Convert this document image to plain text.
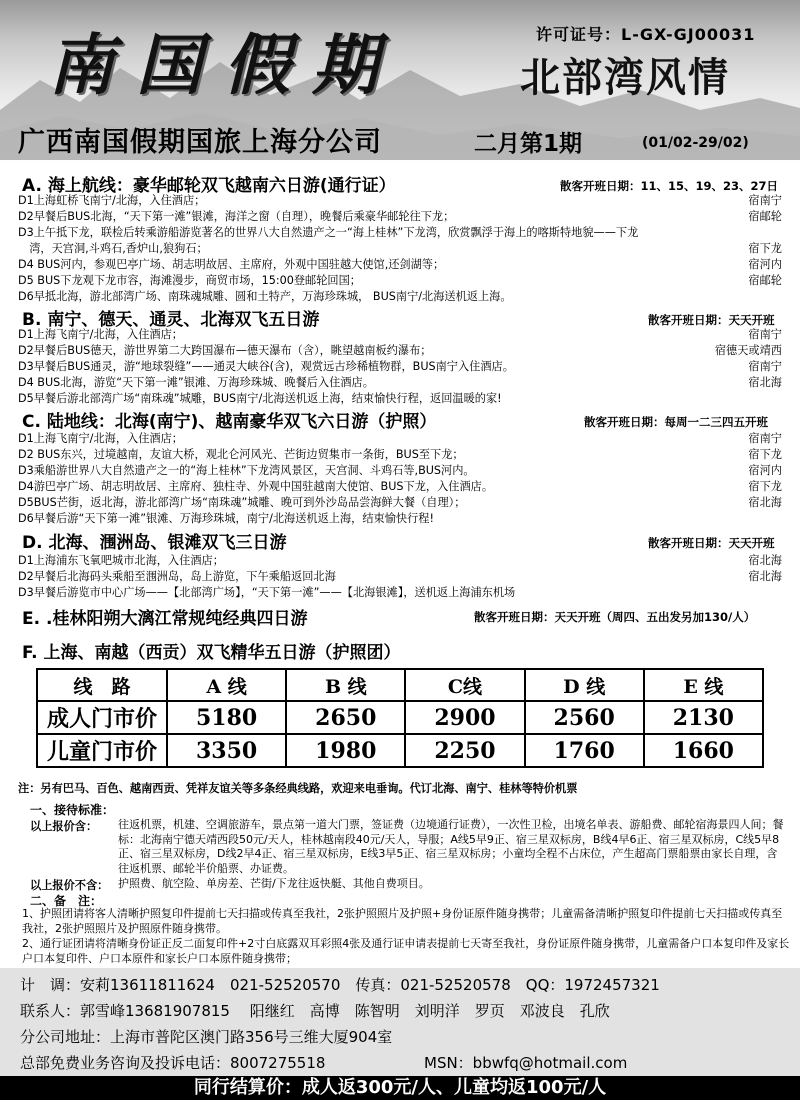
南国假期	许可证号：L-GX-GJ00031
北部湾风情
广西南国假期国旅上海分公司	二月第1期	(01/02-29/02)
A. 海上航线：豪华邮轮双飞越南六日游(通行证）	散客开班日期：11、15、19、23、27日
D1上海虹桥飞南宁/北海，入住酒店；	宿南宁
D2早餐后BUS北海，“天下第一滩”银滩，海洋之窗（自理），晚餐后乘豪华邮轮往下龙；	宿邮轮
D3上午抵下龙，联检后转乘游船游览著名的世界八大自然遗产之一“海上桂林”下龙湾，欣赏飘浮于海上的喀斯特地貌——下龙
　湾，天宫洞,斗鸡石,香炉山,狼狗石；	宿下龙
D4 BUS河内，参观巴亭广场、胡志明故居、主席府，外观中国驻越大使馆,还剑湖等；	宿河内
D5 BUS下龙观下龙市容，海滩漫步，商贸市场，15:00登邮轮回国；	宿邮轮
D6早抵北海，游北部湾广场、南珠魂城雕、圆和土特产，万海珍珠城， BUS南宁/北海送机返上海。
B. 南宁、德天、通灵、北海双飞五日游	散客开班日期：天天开班
D1上海飞南宁/北海，入住酒店；	宿南宁
D2早餐后BUS德天，游世界第二大跨国瀑布—德天瀑布（含），眺望越南板约瀑布；	宿德天或靖西
D3早餐后BUS通灵，游“地球裂缝”——通灵大峡谷(含)，观赏远古珍稀植物群，BUS南宁入住酒店。	宿南宁
D4 BUS北海，游览“天下第一滩”银滩、万海珍珠城、晚餐后入住酒店。	宿北海
D5早餐后游北部湾广场“南珠魂”城雕，BUS南宁/北海送机返上海，结束愉快行程，返回温暖的家!
C. 陆地线：北海(南宁)、越南豪华双飞六日游（护照）	散客开班日期：每周一二三四五开班
D1上海飞南宁/北海，入住酒店；	宿南宁
D2 BUS东兴，过境越南，友谊大桥，观北仑河风光、芒街边贸集市一条街，BUS至下龙；	宿下龙
D3乘船游世界八大自然遗产之一的“海上桂林”下龙湾风景区，天宫洞、斗鸡石等,BUS河内。	宿河内
D4游巴亭广场、胡志明故居、主席府、独柱寺、外观中国驻越南大使馆、BUS下龙，入住酒店。	宿下龙
D5BUS芒街，返北海，游北部湾广场“南珠魂”城雕、晚可到外沙岛品尝海鲜大餐（自理）；	宿北海
D6早餐后游“天下第一滩”银滩、万海珍珠城，南宁/北海送机返上海，结束愉快行程!
D. 北海、涠洲岛、银滩双飞三日游	散客开班日期：天天开班
D1上海浦东飞氧吧城市北海，入住酒店；	宿北海
D2早餐后北海码头乘船至涠洲岛，岛上游览，下午乘船返回北海	宿北海
D3早餐后游览市中心广场——【北部湾广场】，“天下第一滩”——【北海银滩】，送机返上海浦东机场
E. .桂林阳朔大漓江常规纯经典四日游	散客开班日期：天天开班（周四、五出发另加130/人）
F. 上海、南越（西贡）双飞精华五日游（护照团）
线　路	A 线	B 线	C线	D 线	E 线
成人门市价	5180	2650	2900	2560	2130
儿童门市价	3350	1980	2250	1760	1660
注：另有巴马、百色、越南西贡、凭祥友谊关等多条经典线路，欢迎来电垂询。代订北海、南宁、桂林等特价机票
一、接待标准：
以上报价含： 往返机票，机建、空调旅游车，景点第一道大门票，签证费（边境通行证费），一次性卫检，出境名单表、游船费、邮轮宿海景四人间；餐标：北海南宁德天靖西段50元/天人，桂林越南段40元/天人，导服；A线5早9正、宿三星双标房，B线4早6正、宿三星双标房，C线5早8正、宿三星双标房，D线2早4正、宿三星双标房，E线3早5正、宿三星双标房；小童均全程不占床位，产生超高门票船票由家长自理，含往返机票、邮轮半价船票、办证费。
以上报价不含： 护照费、航空险、单房差、芒街/下龙往返快艇、其他自费项目。
二、备　注：
1、护照团请将客人清晰护照复印件提前七天扫描或传真至我社，2张护照照片及护照+身份证原件随身携带；儿童需备清晰护照复印件提前七天扫描或传真至我社，2张护照照片及护照原件随身携带。
2、通行证团请将清晰身份证正反二面复印件+2寸白底露双耳彩照4张及通行证申请表提前七天寄至我社，身份证原件随身携带，儿童需备户口本复印件及家长户口本复印件、户口本原件和家长户口本原件随身携带；
计　调：安莉13611811624　021-52520570　传真：021-52520578　QQ：1972457321
联系人：郭雪峰13681907815　 阳继红　高博　陈智明　刘明洋　罗页　邓波良　孔欣
分公司地址：上海市普陀区澳门路356号三维大厦904室
总部免费业务咨询及投诉电话：8007275518	MSN：bbwfq@hotmail.com
同行结算价：成人返300元/人、儿童均返100元/人
